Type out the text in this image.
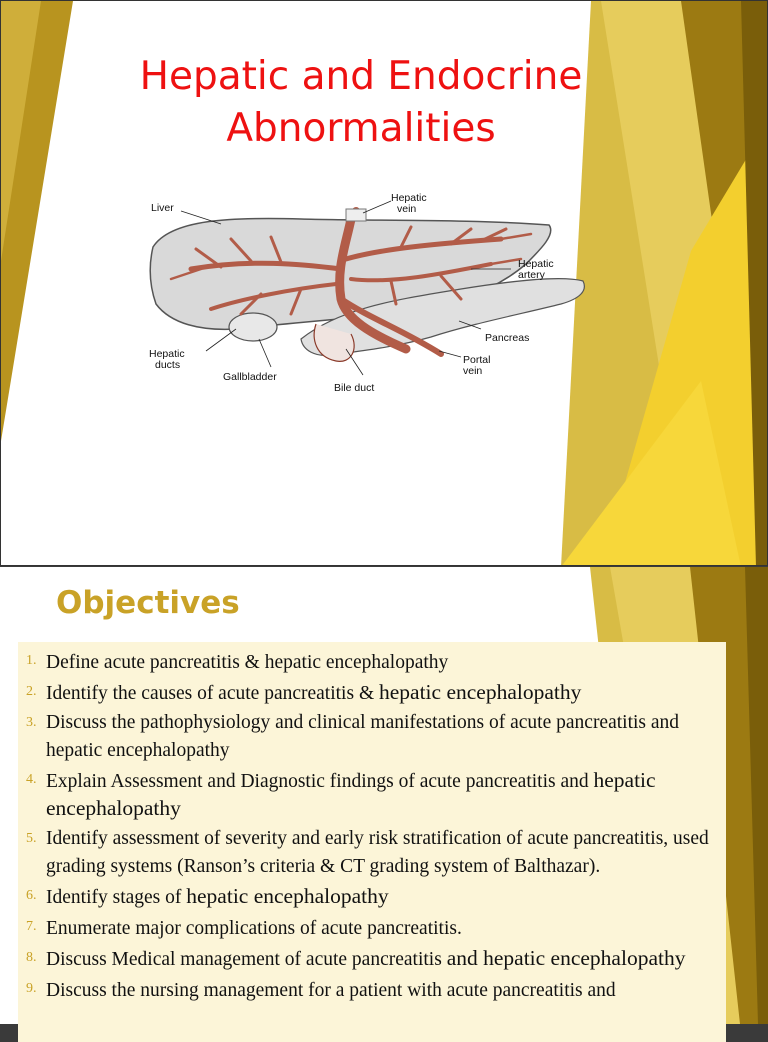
Hepatic and Endocrine
Abnormalities
Liver
Hepatic
vein
Hepatic
artery
Pancreas
Hepatic
ducts
Gallbladder
Bile duct
Portal
vein
Objectives
1. Define acute pancreatitis & hepatic encephalopathy
2. Identify the causes of acute pancreatitis & hepatic encephalopathy
3. Discuss the pathophysiology and clinical manifestations of acute pancreatitis and hepatic encephalopathy
4. Explain Assessment and Diagnostic findings of acute pancreatitis and hepatic encephalopathy
5. Identify assessment of severity and early risk stratification of acute pancreatitis, used grading systems (Ranson’s criteria & CT grading system of Balthazar).
6. Identify stages of hepatic encephalopathy
7. Enumerate major complications of acute pancreatitis.
8. Discuss Medical management of acute pancreatitis and hepatic encephalopathy
9. Discuss the nursing management for a patient with acute pancreatitis and
